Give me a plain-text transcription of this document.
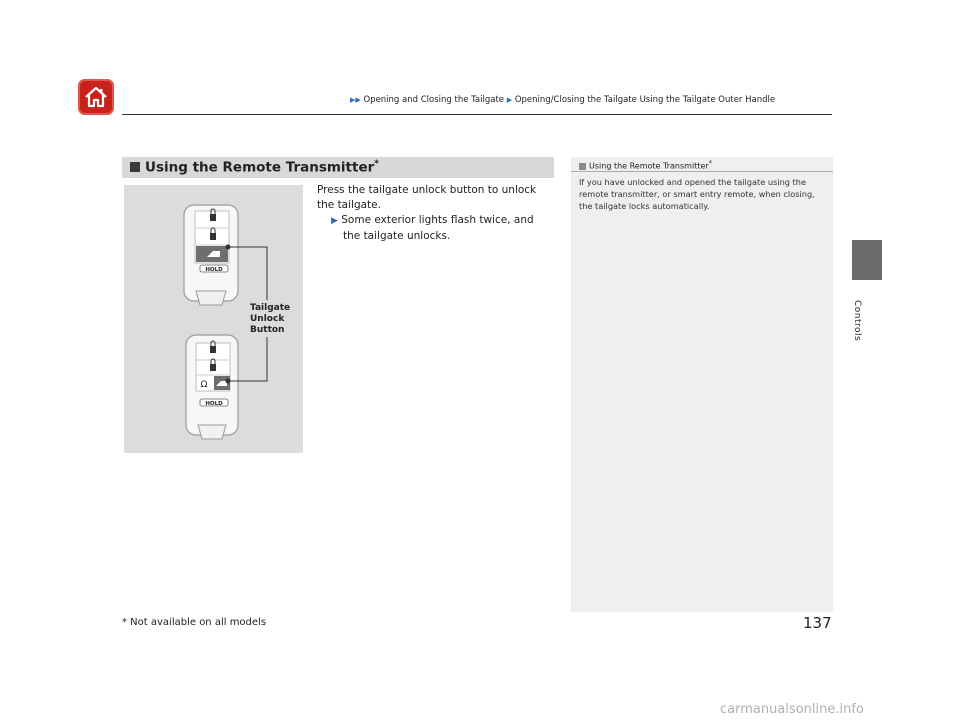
▶▶ Opening and Closing the Tailgate ▶ Opening/Closing the Tailgate Using the Tailgate Outer Handle
Controls
Using the Remote Transmitter*
HOLD
Ω
HOLD
Tailgate
Unlock
Button
Press the tailgate unlock button to unlock the tailgate.
▶ Some exterior lights flash twice, and the tailgate unlocks.
Using the Remote Transmitter*
If you have unlocked and opened the tailgate using the remote transmitter, or smart entry remote, when closing, the tailgate locks automatically.
* Not available on all models	137
carmanualsonline.info
